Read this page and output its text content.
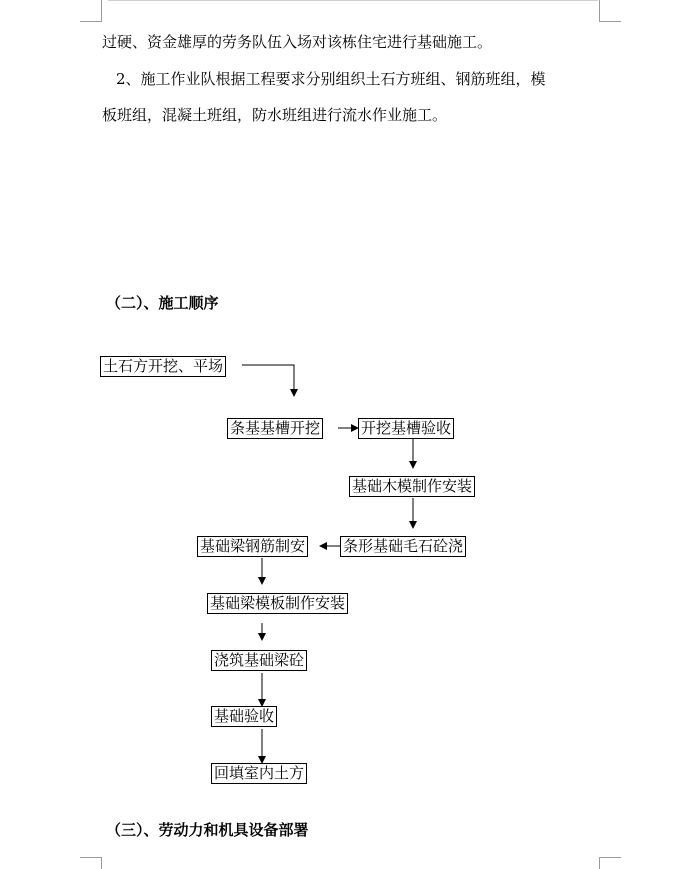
过硬、资金雄厚的劳务队伍入场对该栋住宅进行基础施工。
2、施工作业队根据工程要求分别组织土石方班组、钢筋班组，模
板班组，混凝土班组，防水班组进行流水作业施工。
（二）、施工顺序
土石方开挖、平场
条基基槽开挖	开挖基槽验收
基础木模制作安装
条形基础毛石砼浇
基础梁钢筋制安
基础梁模板制作安装
浇筑基础梁砼
基础验收
回填室内土方
（三）、劳动力和机具设备部署
